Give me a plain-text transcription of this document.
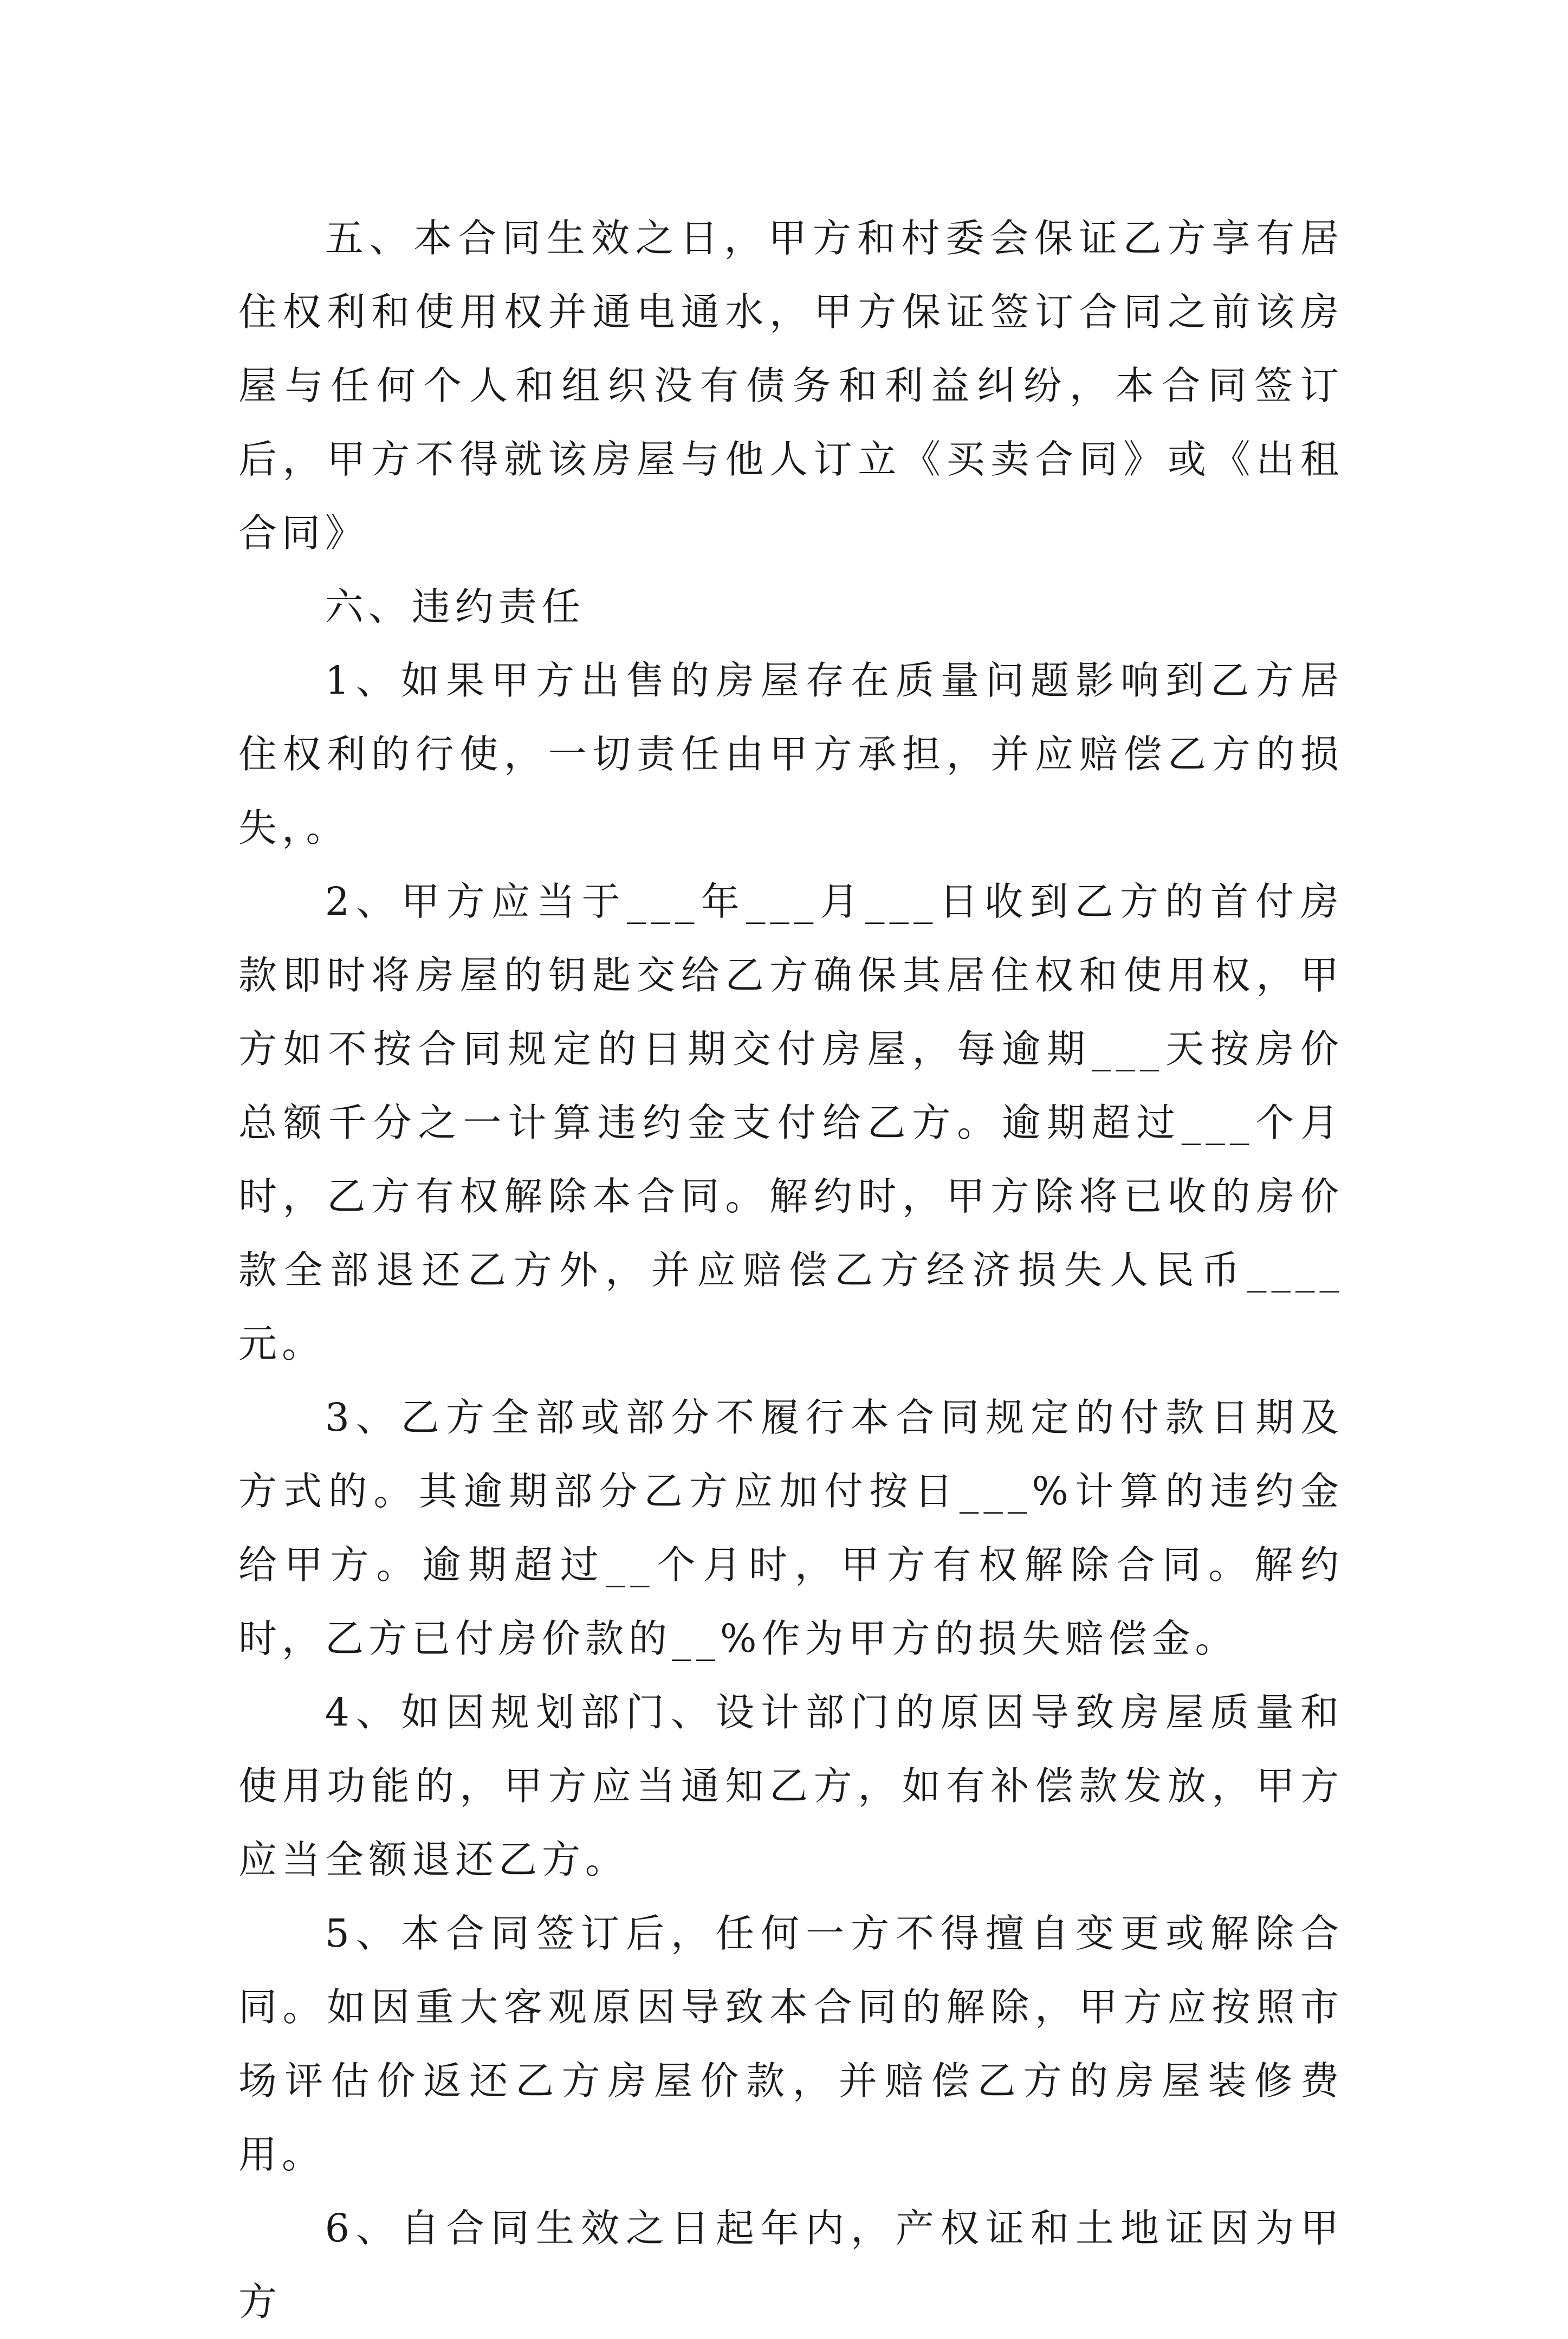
五、本合同生效之日，甲方和村委会保证乙方享有居住权利和使用权并通电通水，甲方保证签订合同之前该房屋与任何个人和组织没有债务和利益纠纷，本合同签订后，甲方不得就该房屋与他人订立《买卖合同》或《出租合同》

六、违约责任

1、如果甲方出售的房屋存在质量问题影响到乙方居住权利的行使，一切责任由甲方承担，并应赔偿乙方的损失，。

2、甲方应当于___年___月___日收到乙方的首付房款即时将房屋的钥匙交给乙方确保其居住权和使用权，甲方如不按合同规定的日期交付房屋，每逾期___天按房价总额千分之一计算违约金支付给乙方。逾期超过___个月时，乙方有权解除本合同。解约时，甲方除将已收的房价款全部退还乙方外，并应赔偿乙方经济损失人民币____元。

3、乙方全部或部分不履行本合同规定的付款日期及方式的。其逾期部分乙方应加付按日___%计算的违约金给甲方。逾期超过__个月时，甲方有权解除合同。解约时，乙方已付房价款的__%作为甲方的损失赔偿金。

4、如因规划部门、设计部门的原因导致房屋质量和使用功能的，甲方应当通知乙方，如有补偿款发放，甲方应当全额退还乙方。

5、本合同签订后，任何一方不得擅自变更或解除合同。如因重大客观原因导致本合同的解除，甲方应按照市场评估价返还乙方房屋价款，并赔偿乙方的房屋装修费用。

6、自合同生效之日起年内，产权证和土地证因为甲方
